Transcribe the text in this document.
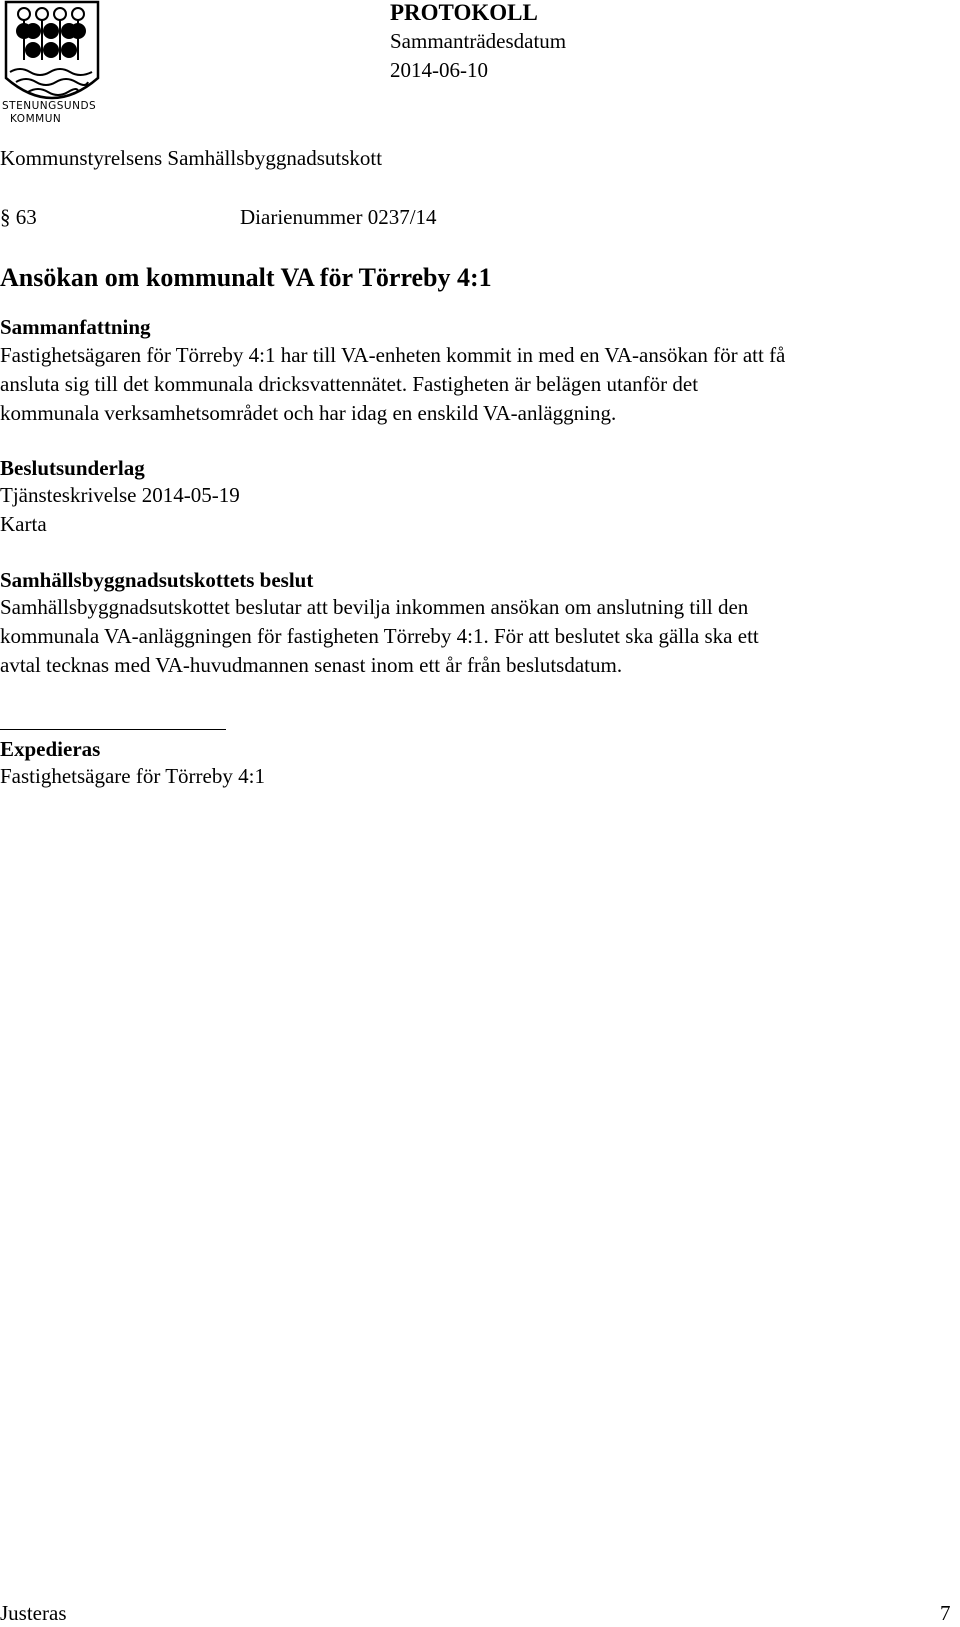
STENUNGSUNDS
KOMMUN
PROTOKOLL
Sammanträdesdatum
2014-06-10
Kommunstyrelsens Samhällsbyggnadsutskott
§ 63	Diarienummer 0237/14
Ansökan om kommunalt VA för Törreby 4:1

Sammanfattning

Fastighetsägaren för Törreby 4:1 har till VA-enheten kommit in med en VA-ansökan för att få

ansluta sig till det kommunala dricksvattennätet. Fastigheten är belägen utanför det

kommunala verksamhetsområdet och har idag en enskild VA-anläggning.

Beslutsunderlag

Tjänsteskrivelse 2014-05-19

Karta

Samhällsbyggnadsutskottets beslut

Samhällsbyggnadsutskottet beslutar att bevilja inkommen ansökan om anslutning till den

kommunala VA-anläggningen för fastigheten Törreby 4:1. För att beslutet ska gälla ska ett

avtal tecknas med VA-huvudmannen senast inom ett år från beslutsdatum.

Expedieras

Fastighetsägare för Törreby 4:1

Justeras	7
